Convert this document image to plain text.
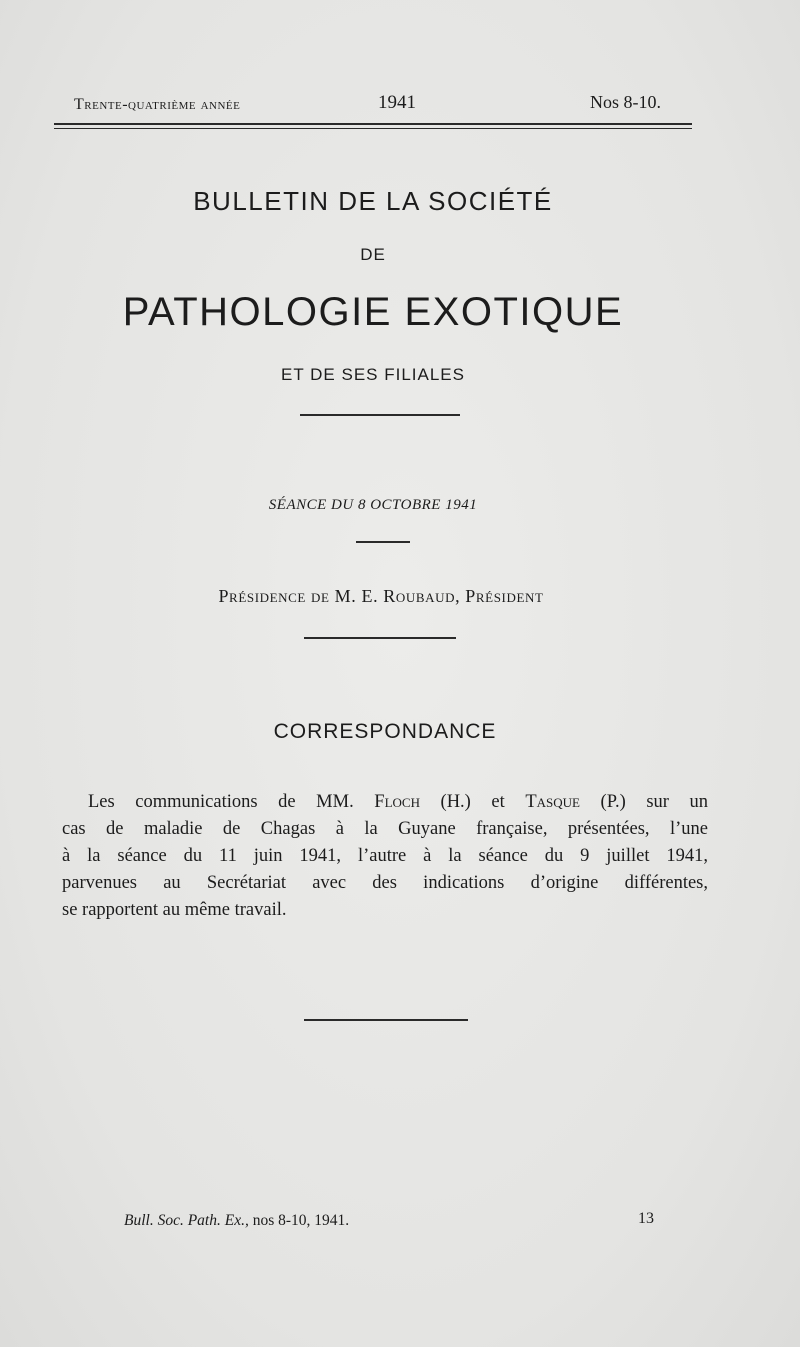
Trente-quatrième année	1941	Nos 8-10.
BULLETIN DE LA SOCIÉTÉ
DE
PATHOLOGIE EXOTIQUE
ET DE SES FILIALES
SÉANCE DU 8 OCTOBRE 1941
Présidence de M. E. Roubaud, Président
CORRESPONDANCE
Les communications de MM. Floch (H.) et Tasque (P.) sur un
cas de maladie de Chagas à la Guyane française, présentées, l’une
à la séance du 11 juin 1941, l’autre à la séance du 9 juillet 1941,
parvenues au Secrétariat avec des indications d’origine différentes,
se rapportent au même travail.
Bull. Soc. Path. Ex., nos 8-10, 1941.	13
